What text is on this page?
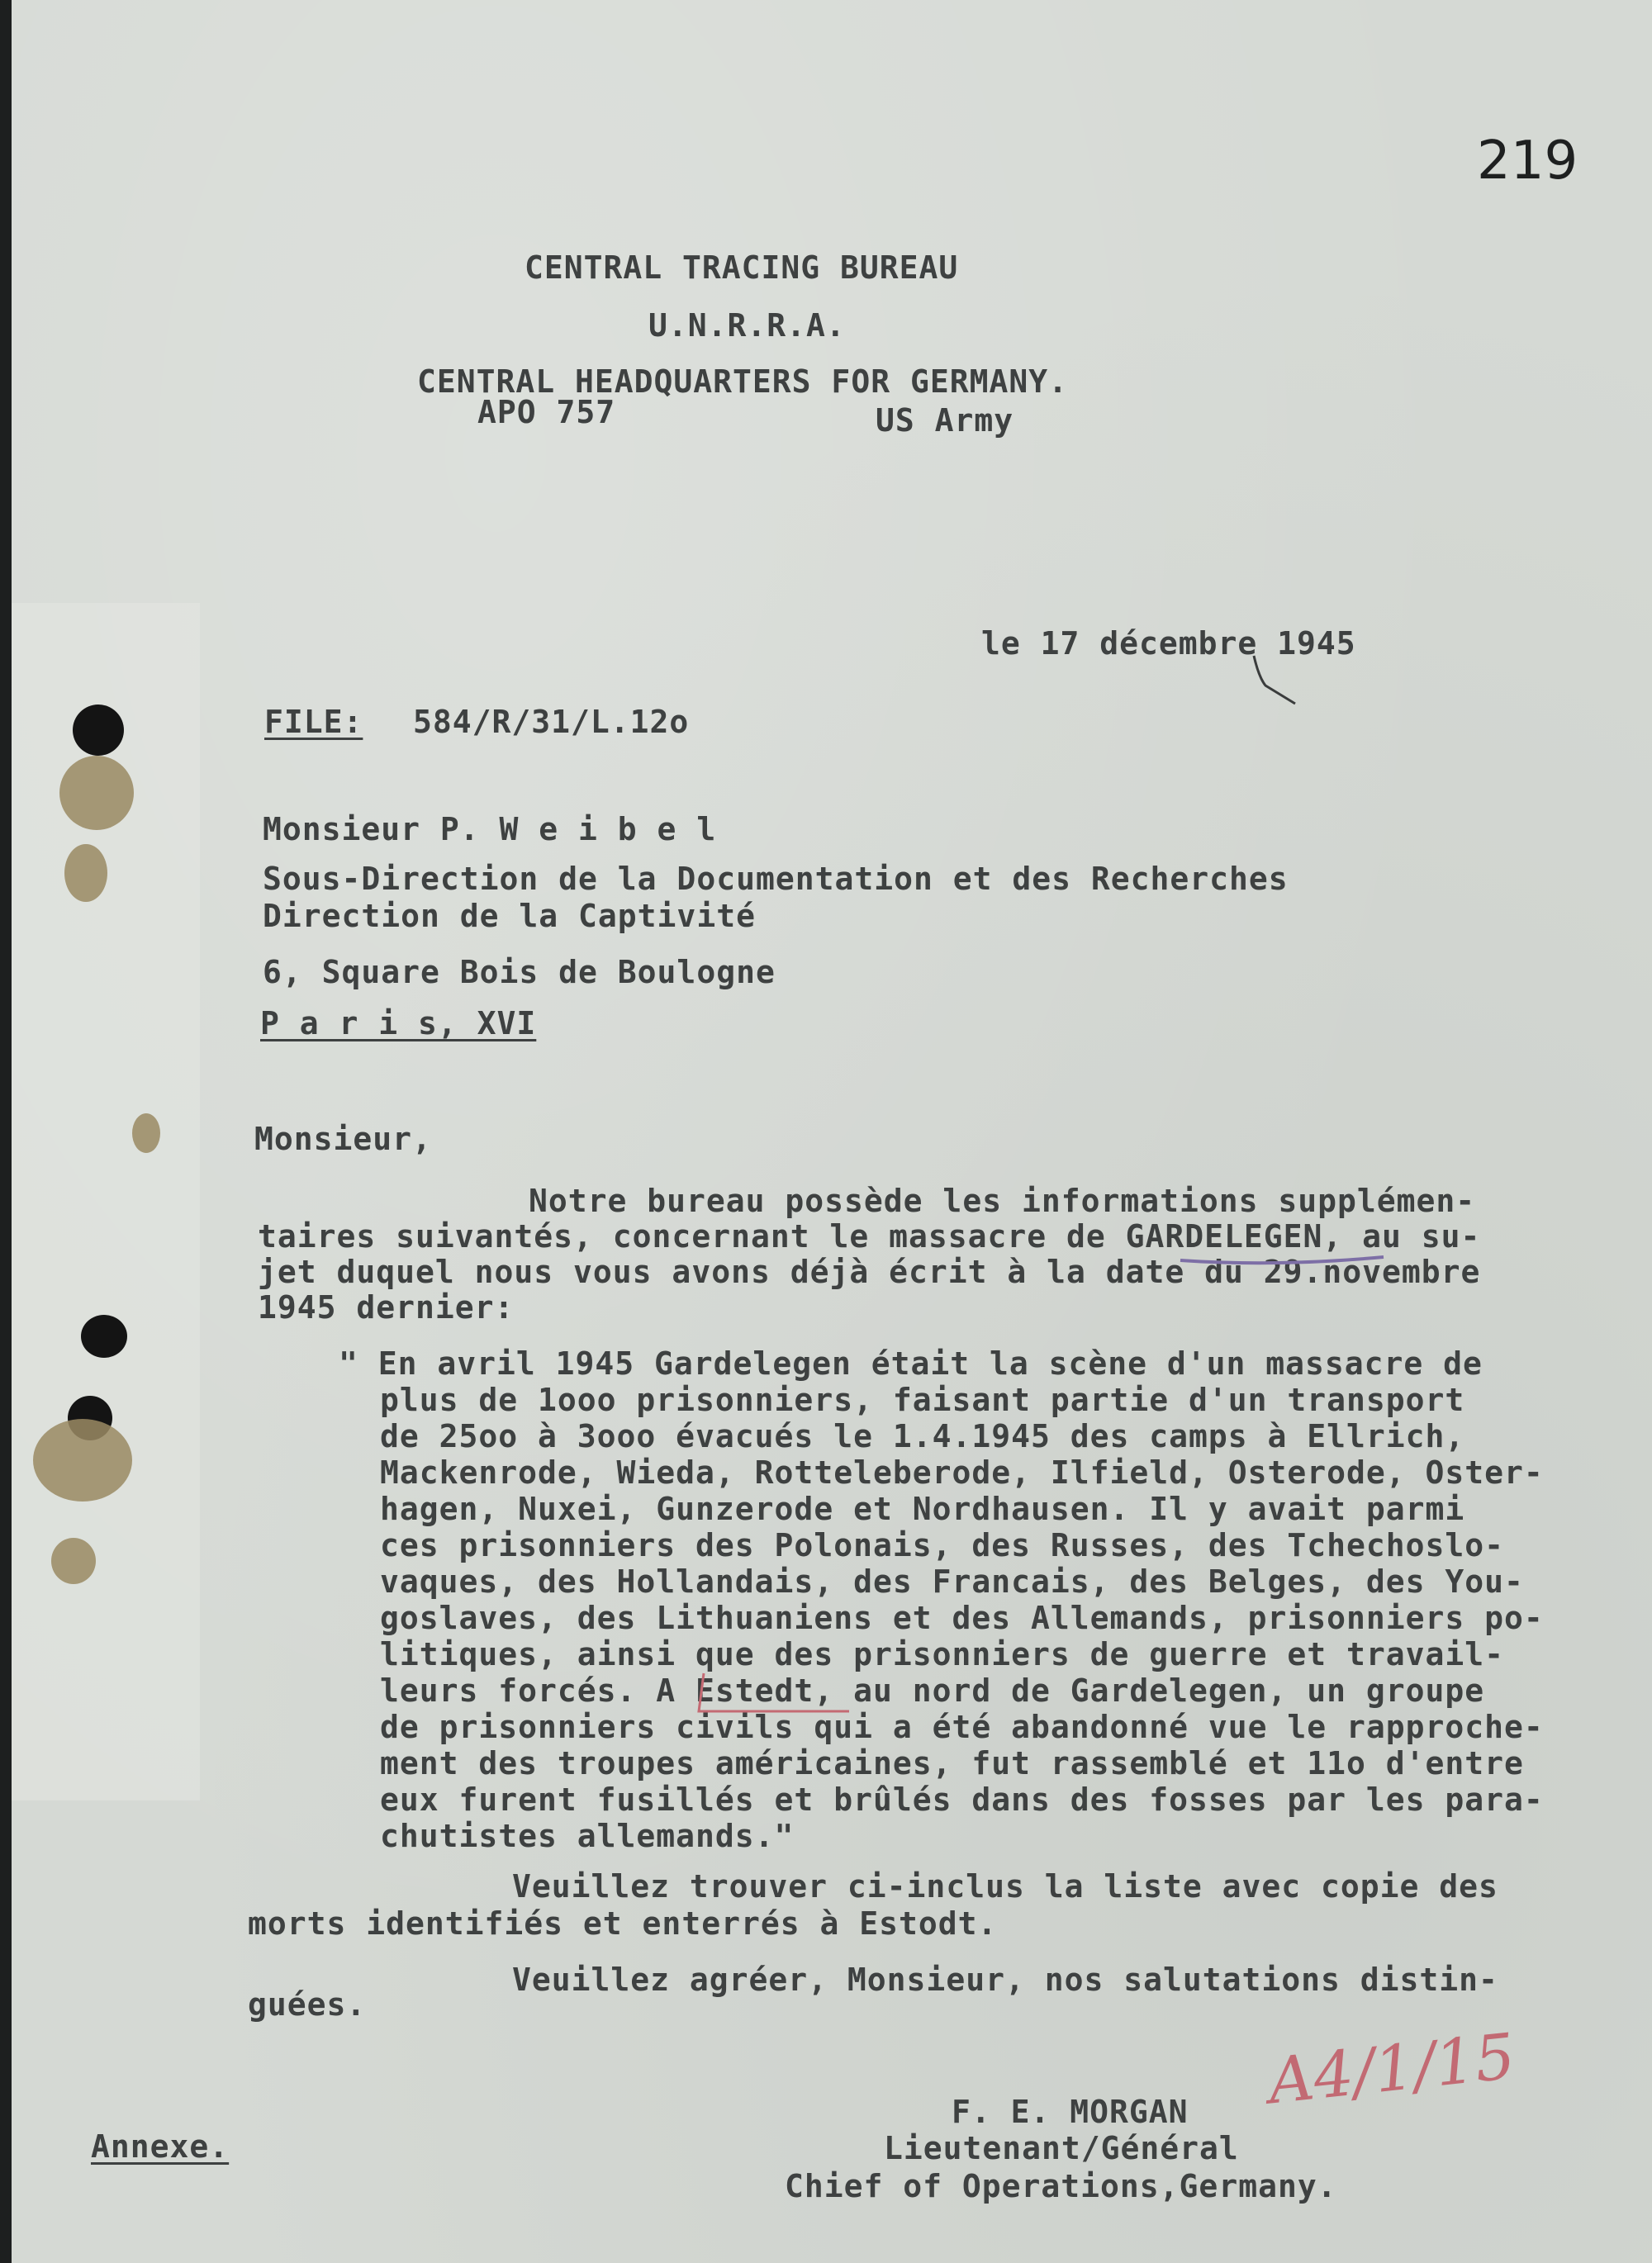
219
CENTRAL TRACING BUREAU
U.N.R.R.A.
CENTRAL HEADQUARTERS FOR GERMANY.
APO 757	US Army
le 17 décembre 1945
FILE: 584/R/31/L.12o
Monsieur P. W e i b e l
Sous-Direction de la Documentation et des Recherches
Direction de la Captivité
6, Square Bois de Boulogne
P a r i s, XVI
Monsieur,
Notre bureau possède les informations supplémen-
taires suivantés, concernant le massacre de GARDELEGEN, au su-
jet duquel nous vous avons déjà écrit à la date du 29.novembre
1945 dernier:
" En avril 1945 Gardelegen était la scène d'un massacre de
plus de 1ooo prisonniers, faisant partie d'un transport
de 25oo à 3ooo évacués le 1.4.1945 des camps à Ellrich,
Mackenrode, Wieda, Rotteleberode, Ilfield, Osterode, Oster-
hagen, Nuxei, Gunzerode et Nordhausen. Il y avait parmi
ces prisonniers des Polonais, des Russes, des Tchechoslo-
vaques, des Hollandais, des Francais, des Belges, des You-
goslaves, des Lithuaniens et des Allemands, prisonniers po-
litiques, ainsi que des prisonniers de guerre et travail-
leurs forcés. A Estedt, au nord de Gardelegen, un groupe
de prisonniers civils qui a été abandonné vue le rapproche-
ment des troupes américaines, fut rassemblé et 11o d'entre
eux furent fusillés et brûlés dans des fosses par les para-
chutistes allemands."
Veuillez trouver ci-inclus la liste avec copie des
morts identifiés et enterrés à Estodt.
Veuillez agréer, Monsieur, nos salutations distin-
guées.
A4/1/15
F. E. MORGAN
Lieutenant/Général
Chief of Operations,Germany.
Annexe.
